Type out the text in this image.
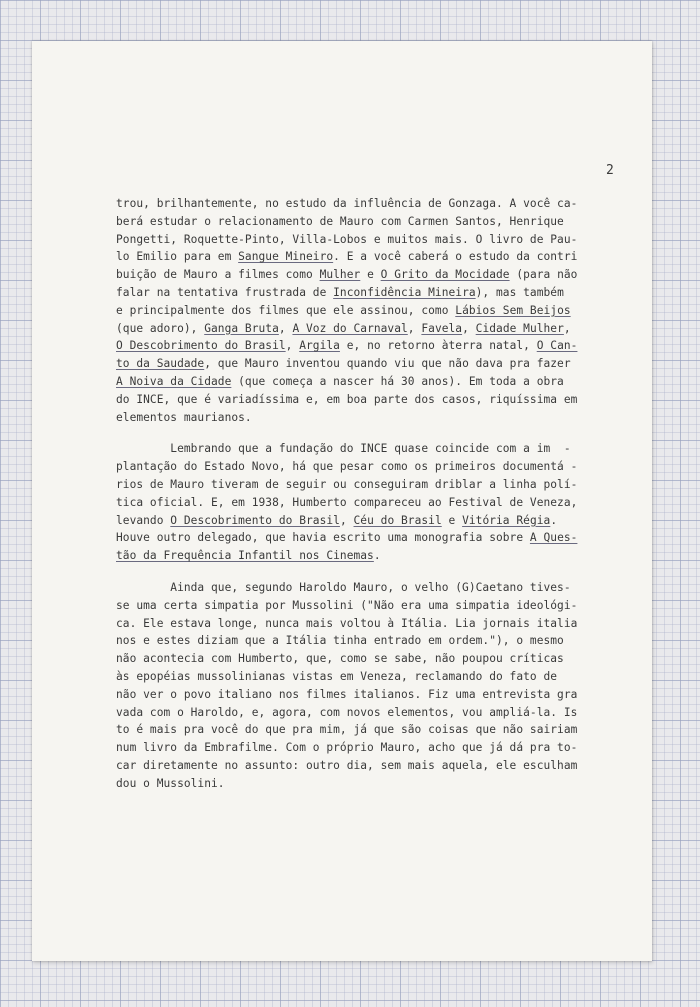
2
trou, brilhantemente, no estudo da influência de Gonzaga. A você ca-
berá estudar o relacionamento de Mauro com Carmen Santos, Henrique
Pongetti, Roquette-Pinto, Villa-Lobos e muitos mais. O livro de Pau-
lo Emilio para em Sangue Mineiro. E a você caberá o estudo da contri
buição de Mauro a filmes como Mulher e O Grito da Mocidade (para não
falar na tentativa frustrada de Inconfidência Mineira), mas também
e principalmente dos filmes que ele assinou, como Lábios Sem Beijos
(que adoro), Ganga Bruta, A Voz do Carnaval, Favela, Cidade Mulher,
O Descobrimento do Brasil, Argila e, no retorno àterra natal, O Can-
to da Saudade, que Mauro inventou quando viu que não dava pra fazer
A Noiva da Cidade (que começa a nascer há 30 anos). Em toda a obra
do INCE, que é variadíssima e, em boa parte dos casos, riquíssima em
elementos maurianos.
Lembrando que a fundação do INCE quase coincide com a im  -
plantação do Estado Novo, há que pesar como os primeiros documentá -
rios de Mauro tiveram de seguir ou conseguiram driblar a linha polí-
tica oficial. E, em 1938, Humberto compareceu ao Festival de Veneza,
levando O Descobrimento do Brasil, Céu do Brasil e Vitória Régia.
Houve outro delegado, que havia escrito uma monografia sobre A Ques-
tão da Frequência Infantil nos Cinemas.
Ainda que, segundo Haroldo Mauro, o velho (G)Caetano tives-
se uma certa simpatia por Mussolini ("Não era uma simpatia ideológi-
ca. Ele estava longe, nunca mais voltou à Itália. Lia jornais italia
nos e estes diziam que a Itália tinha entrado em ordem."), o mesmo
não acontecia com Humberto, que, como se sabe, não poupou críticas
às epopéias mussolinianas vistas em Veneza, reclamando do fato de
não ver o povo italiano nos filmes italianos. Fiz uma entrevista gra
vada com o Haroldo, e, agora, com novos elementos, vou ampliá-la. Is
to é mais pra você do que pra mim, já que são coisas que não sairiam
num livro da Embrafilme. Com o próprio Mauro, acho que já dá pra to-
car diretamente no assunto: outro dia, sem mais aquela, ele esculham
dou o Mussolini.
